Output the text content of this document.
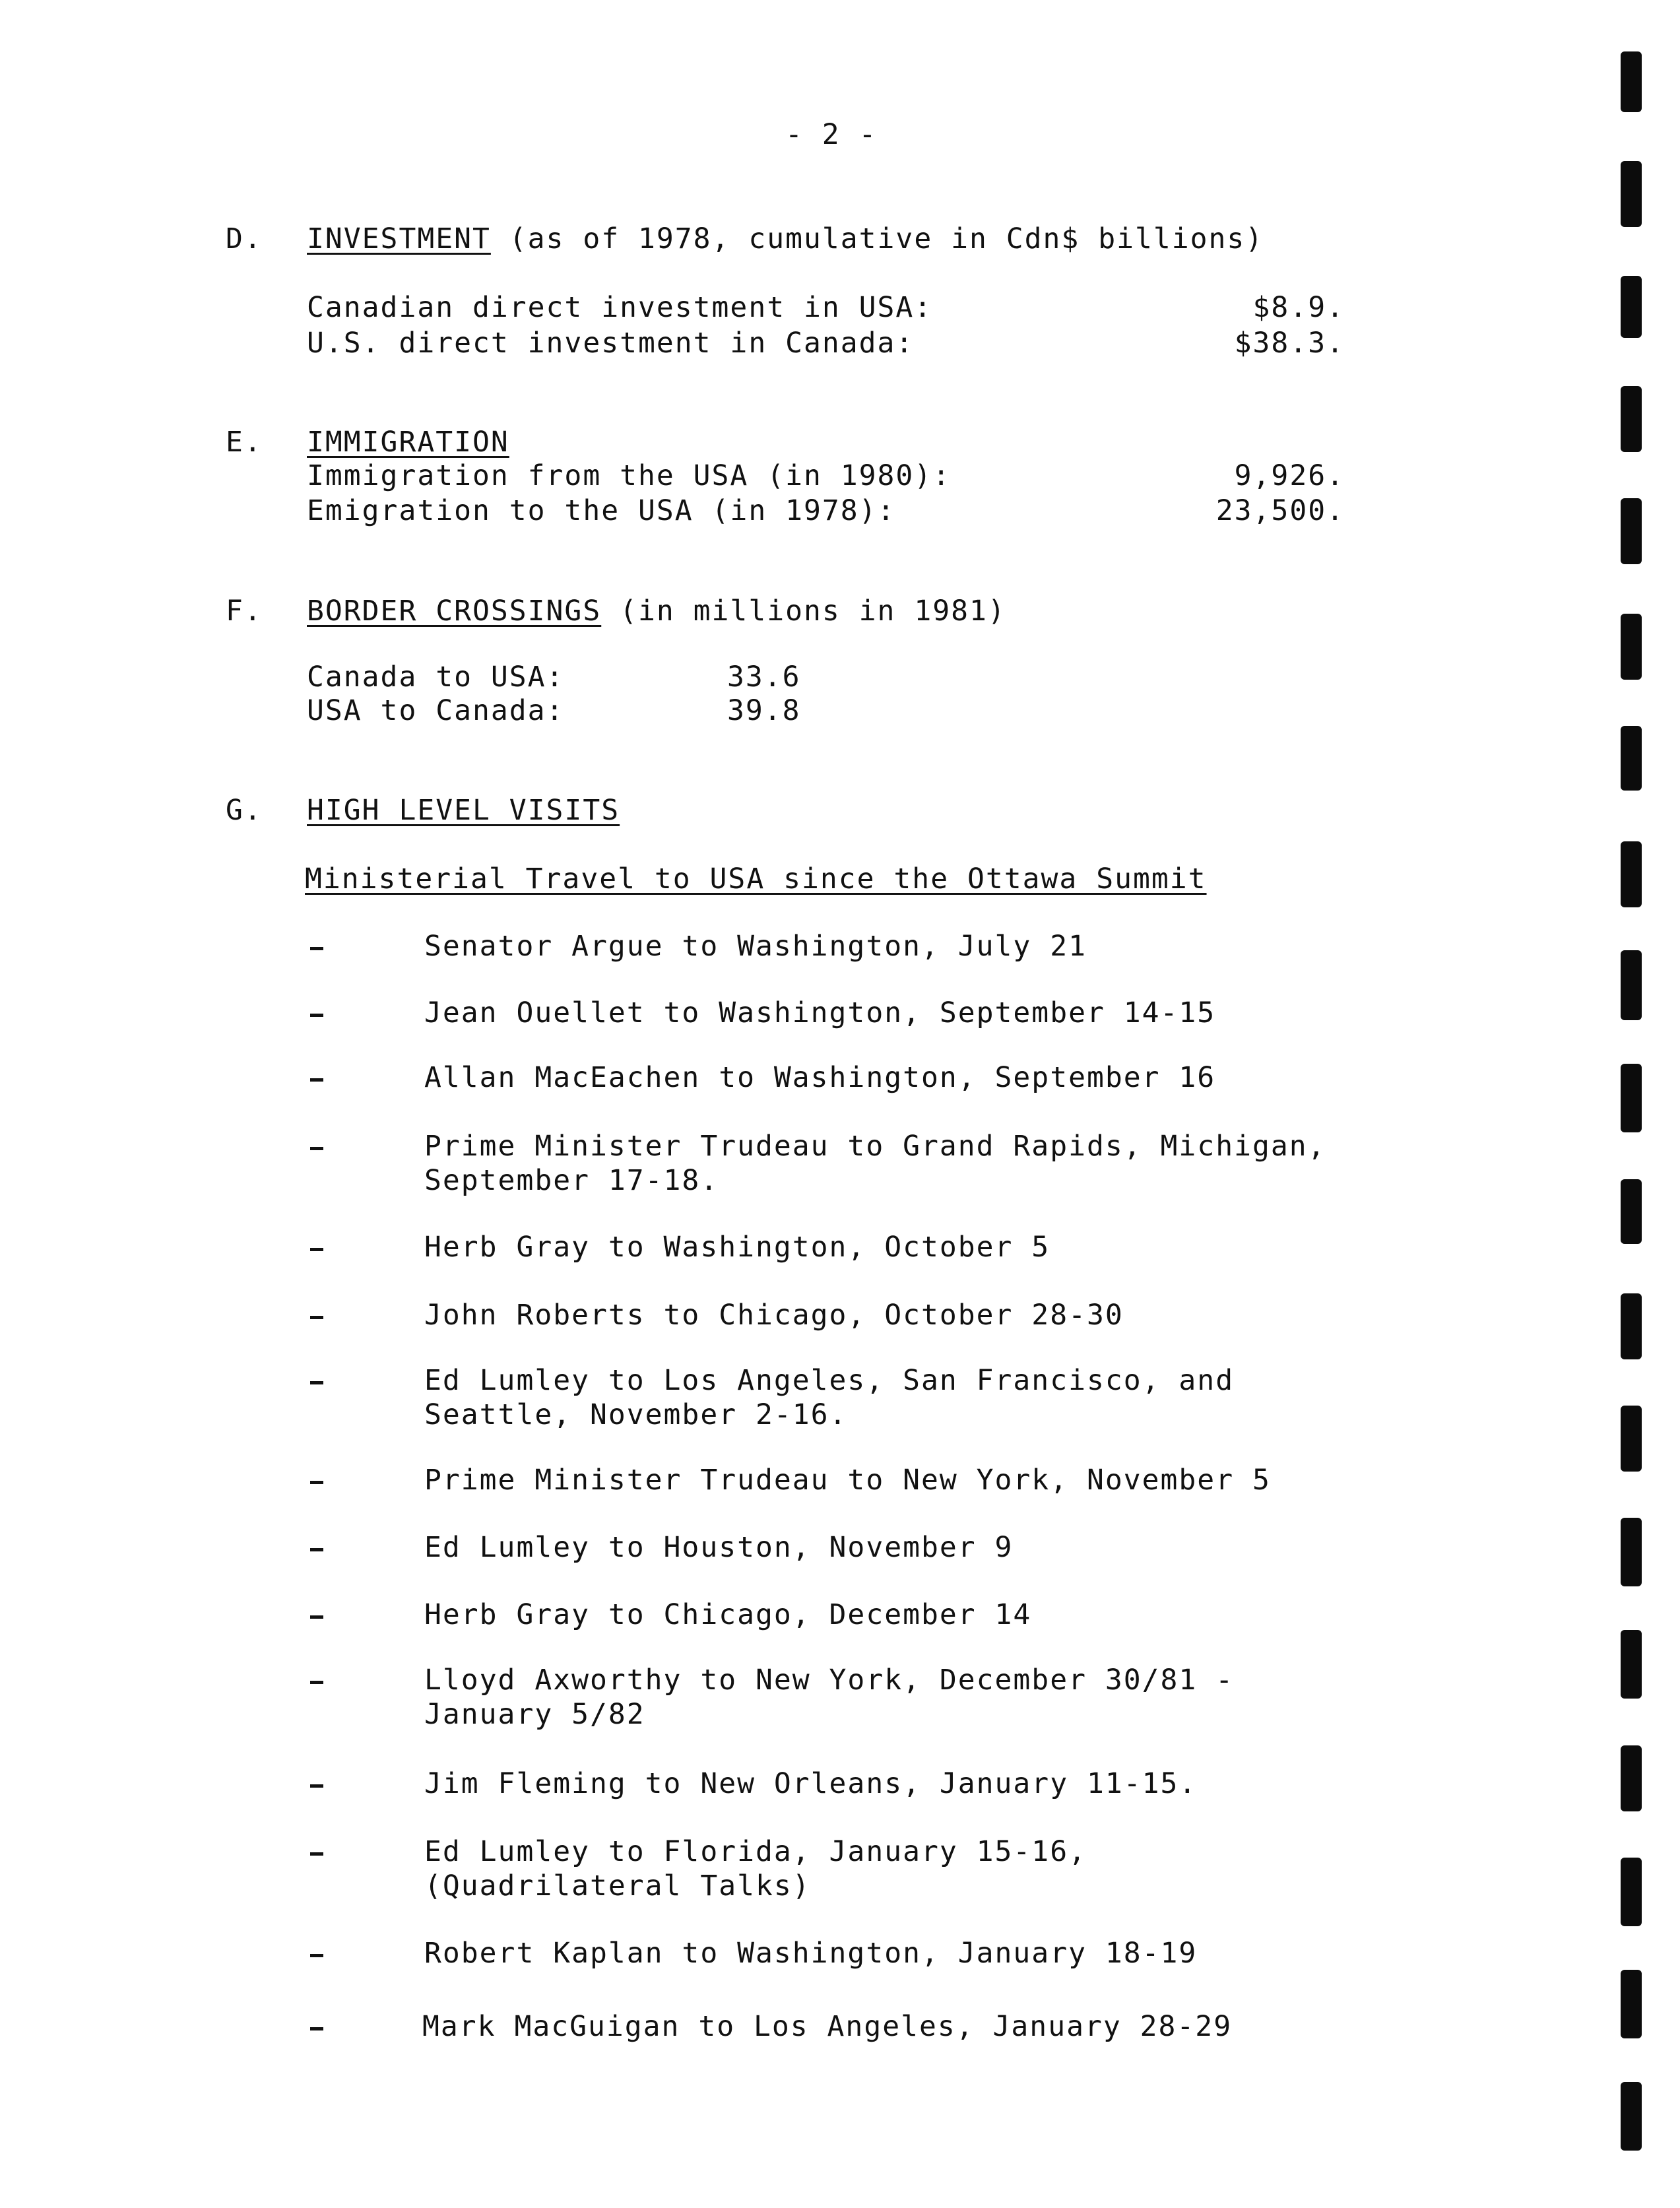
- 2 -
D. INVESTMENT (as of 1978, cumulative in Cdn$ billions)
Canadian direct investment in USA:	$8.9.
U.S. direct investment in Canada:	$38.3.
E. IMMIGRATION
Immigration from the USA (in 1980):	9,926.
Emigration to the USA (in 1978):	23,500.
F. BORDER CROSSINGS (in millions in 1981)
Canada to USA:	33.6
USA to Canada:	39.8
G. HIGH LEVEL VISITS
Ministerial Travel to USA since the Ottawa Summit
Senator Argue to Washington, July 21
Jean Ouellet to Washington, September 14-15
Allan MacEachen to Washington, September 16
Prime Minister Trudeau to Grand Rapids, Michigan,
September 17-18.
Herb Gray to Washington, October 5
John Roberts to Chicago, October 28-30
Ed Lumley to Los Angeles, San Francisco, and
Seattle, November 2-16.
Prime Minister Trudeau to New York, November 5
Ed Lumley to Houston, November 9
Herb Gray to Chicago, December 14
Lloyd Axworthy to New York, December 30/81 -
January 5/82
Jim Fleming to New Orleans, January 11-15.
Ed Lumley to Florida, January 15-16,
(Quadrilateral Talks)
Robert Kaplan to Washington, January 18-19
Mark MacGuigan to Los Angeles, January 28-29
